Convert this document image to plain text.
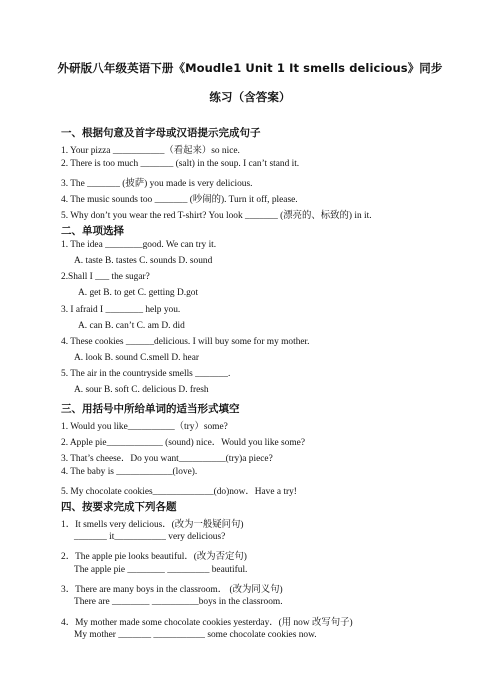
外研版八年级英语下册《Moudle1 Unit 1 It smells delicious》同步
练习（含答案）
一、根据句意及首字母或汉语提示完成句子
1. Your pizza ___________（看起来）so nice.
2. There is too much _______ (salt) in the soup. I can’t stand it.
3. The _______ (披萨) you made is very delicious.
4. The music sounds too _______ (吵闹的). Turn it off, please.
5. Why don’t you wear the red T-shirt? You look _______ (漂亮的、标致的) in it.
二、单项选择
1. The idea ________good. We can try it.
A. taste B. tastes C. sounds D. sound
2.Shall I ___ the sugar?
A. get B. to get C. getting D.got
3. I afraid I ________ help you.
A. can B. can’t C. am D. did
4. These cookies ______delicious. I will buy some for my mother.
A. look B. sound C.smell D. hear
5. The air in the countryside smells _______.
A. sour B. soft C. delicious D. fresh
三、用括号中所给单词的适当形式填空
1. Would you like__________（try）some?
2. Apple pie____________ (sound) nice．Would you like some?
3. That’s cheese．Do you want__________(try)a piece?
4. The baby is ____________(love).
5. My chocolate cookies_____________(do)now．Have a try!
四、按要求完成下列各题
1．It smells very delicious．(改为一般疑问句)
_______ it___________ very delicious?
2．The apple pie looks beautiful．(改为否定句)
The apple pie ________ _________ beautiful.
3．There are many boys in the classroom． (改为同义句)
There are ________ __________boys in the classroom.
4．My mother made some chocolate cookies yesterday．(用 now 改写句子)
My mother _______ ___________ some chocolate cookies now.
